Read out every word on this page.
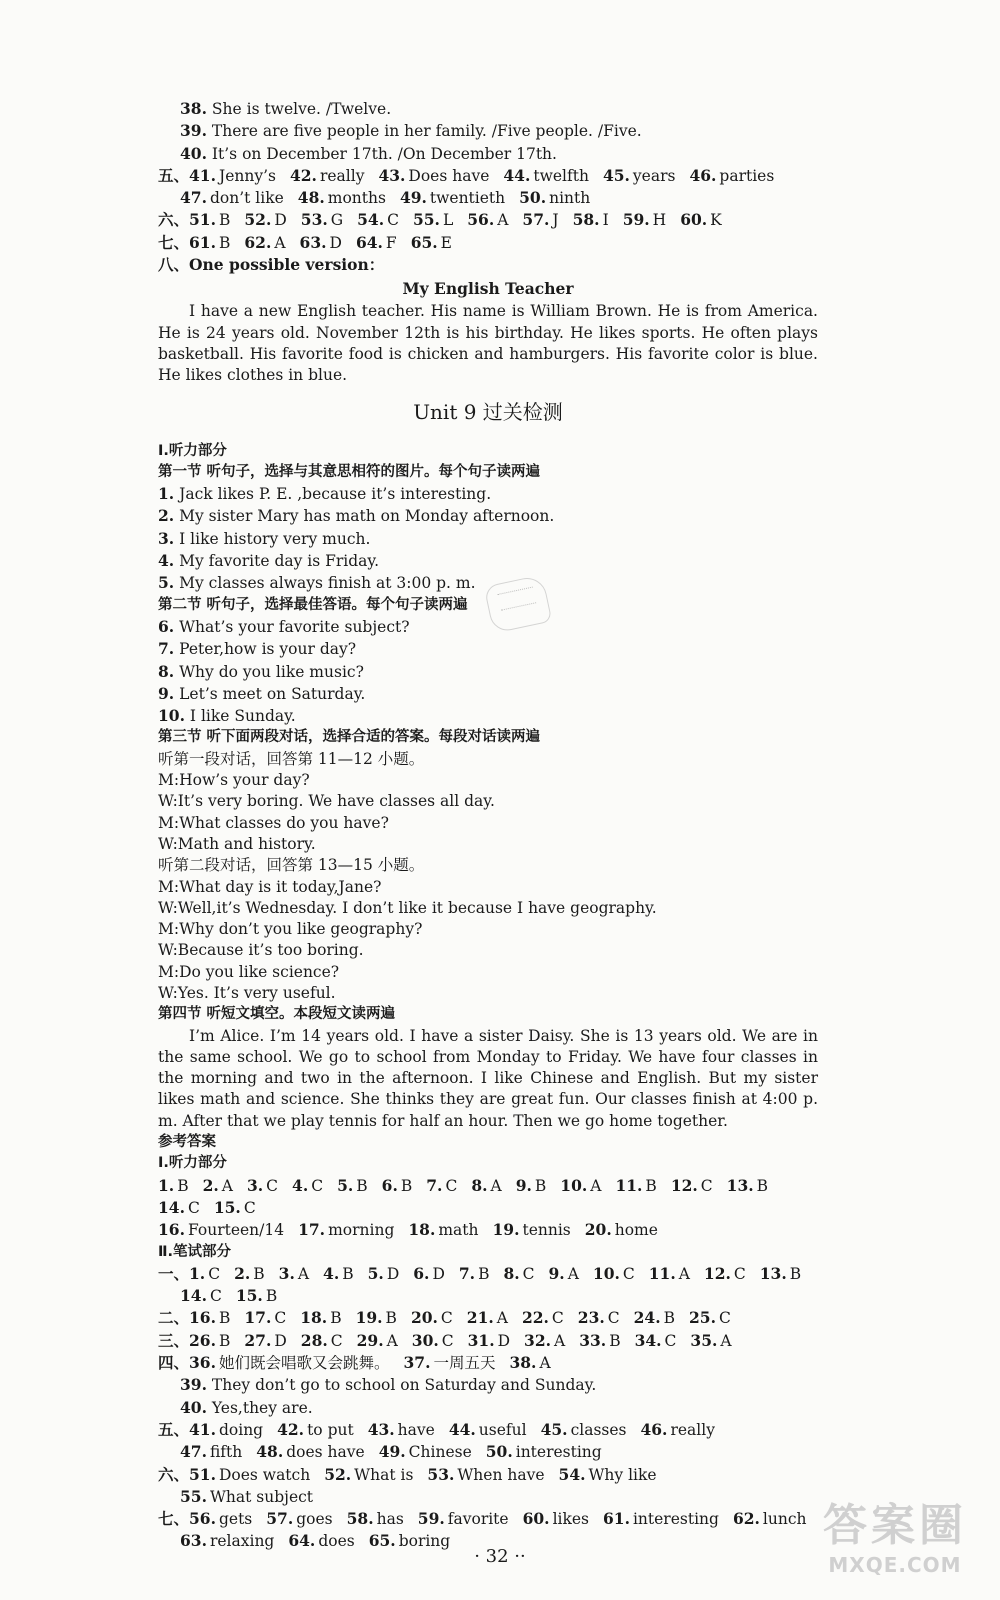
38. She is twelve. /Twelve.
39. There are five people in her family. /Five people. /Five.
40. It’s on December 17th. /On December 17th.
五、41. Jenny’s 42. really 43. Does have 44. twelfth 45. years 46. parties
47. don’t like 48. months 49. twentieth 50. ninth
六、51. B 52. D 53. G 54. C 55. L 56. A 57. J 58. I 59. H 60. K
七、61. B 62. A 63. D 64. F 65. E
八、One possible version：
My English Teacher

I have a new English teacher. His name is William Brown. He is from America. He is 24 years old. November 12th is his birthday. He likes sports. He often plays basketball. His favorite food is chicken and hamburgers. His favorite color is blue. He likes clothes in blue.

Unit 9 过关检测
Ⅰ.听力部分
第一节 听句子，选择与其意思相符的图片。每个句子读两遍
1. Jack likes P. E. ,because it’s interesting.
2. My sister Mary has math on Monday afternoon.
3. I like history very much.
4. My favorite day is Friday.
5. My classes always finish at 3:00 p. m.
第二节 听句子，选择最佳答语。每个句子读两遍
6. What’s your favorite subject?
7. Peter,how is your day?
8. Why do you like music?
9. Let’s meet on Saturday.
10. I like Sunday.
第三节 听下面两段对话，选择合适的答案。每段对话读两遍
听第一段对话，回答第 11—12 小题。
M:How’s your day?
W:It’s very boring. We have classes all day.
M:What classes do you have?
W:Math and history.
听第二段对话，回答第 13—15 小题。
M:What day is it today,Jane?
W:Well,it’s Wednesday. I don’t like it because I have geography.
M:Why don’t you like geography?
W:Because it’s too boring.
M:Do you like science?
W:Yes. It’s very useful.
第四节 听短文填空。本段短文读两遍

I’m Alice. I’m 14 years old. I have a sister Daisy. She is 13 years old. We are in the same school. We go to school from Monday to Friday. We have four classes in the morning and two in the afternoon. I like Chinese and English. But my sister likes math and science. She thinks they are great fun. Our classes finish at 4:00 p. m. After that we play tennis for half an hour. Then we go home together.

参考答案
Ⅰ.听力部分
1. B 2. A 3. C 4. C 5. B 6. B 7. C 8. A 9. B 10. A 11. B 12. C 13. B
14. C 15. C
16. Fourteen/14 17. morning 18. math 19. tennis 20. home
Ⅱ.笔试部分
一、1. C 2. B 3. A 4. B 5. D 6. D 7. B 8. C 9. A 10. C 11. A 12. C 13. B
14. C 15. B
二、16. B 17. C 18. B 19. B 20. C 21. A 22. C 23. C 24. B 25. C
三、26. B 27. D 28. C 29. A 30. C 31. D 32. A 33. B 34. C 35. A
四、36. 她们既会唱歌又会跳舞。 37. 一周五天 38. A
39. They don’t go to school on Saturday and Sunday.
40. Yes,they are.
五、41. doing 42. to put 43. have 44. useful 45. classes 46. really
47. fifth 48. does have 49. Chinese 50. interesting
六、51. Does watch 52. What is 53. When have 54. Why like
55. What subject
七、56. gets 57. goes 58. has 59. favorite 60. likes 61. interesting 62. lunch
63. relaxing 64. does 65. boring
· 32 ··
答案圈
MXQE.COM
